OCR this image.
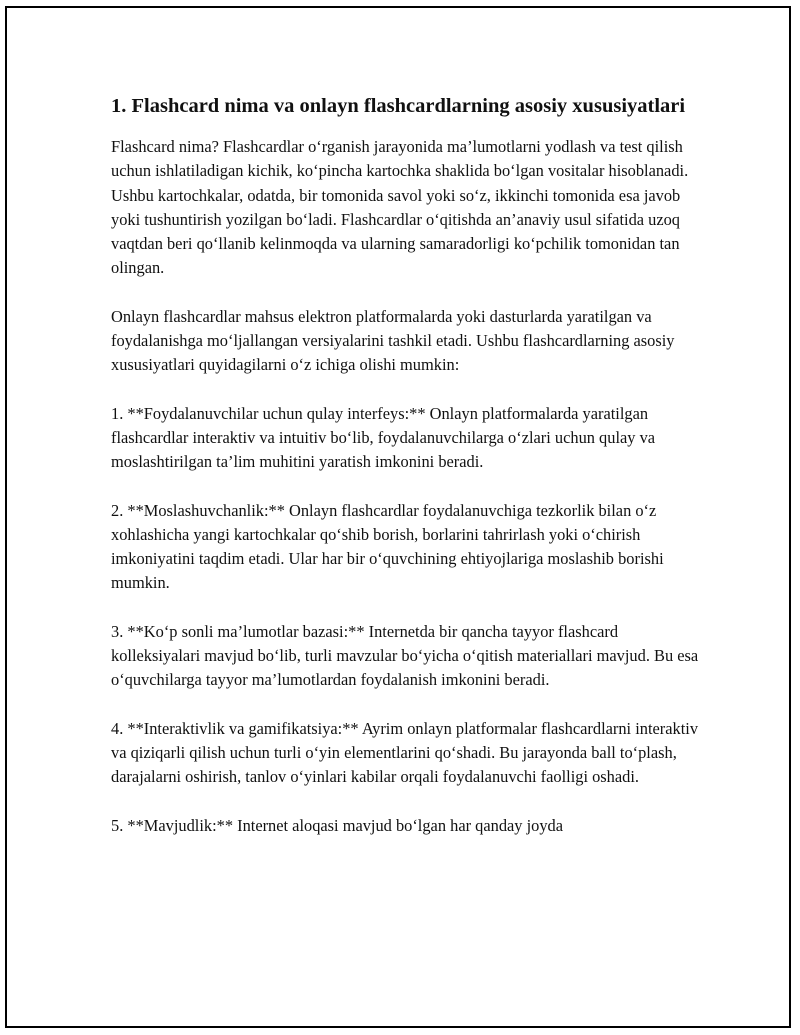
1. Flashcard nima va onlayn flashcardlarning asosiy xususiyatlari

Flashcard nima? Flashcardlar o‘rganish jarayonida ma’lumotlarni yodlash va test qilish uchun ishlatiladigan kichik, ko‘pincha kartochka shaklida bo‘lgan vositalar hisoblanadi. Ushbu kartochkalar, odatda, bir tomonida savol yoki so‘z, ikkinchi tomonida esa javob yoki tushuntirish yozilgan bo‘ladi. Flashcardlar o‘qitishda an’anaviy usul sifatida uzoq vaqtdan beri qo‘llanib kelinmoqda va ularning samaradorligi ko‘pchilik tomonidan tan olingan.

Onlayn flashcardlar mahsus elektron platformalarda yoki dasturlarda yaratilgan va foydalanishga mo‘ljallangan versiyalarini tashkil etadi. Ushbu flashcardlarning asosiy xususiyatlari quyidagilarni o‘z ichiga olishi mumkin:

1. **Foydalanuvchilar uchun qulay interfeys:** Onlayn platformalarda yaratilgan flashcardlar interaktiv va intuitiv bo‘lib, foydalanuvchilarga o‘zlari uchun qulay va moslashtirilgan ta’lim muhitini yaratish imkonini beradi.

2. **Moslashuvchanlik:** Onlayn flashcardlar foydalanuvchiga tezkorlik bilan o‘z xohlashicha yangi kartochkalar qo‘shib borish, borlarini tahrirlash yoki o‘chirish imkoniyatini taqdim etadi. Ular har bir o‘quvchining ehtiyojlariga moslashib borishi mumkin.

3. **Ko‘p sonli ma’lumotlar bazasi:** Internetda bir qancha tayyor flashcard kolleksiyalari mavjud bo‘lib, turli mavzular bo‘yicha o‘qitish materiallari mavjud. Bu esa o‘quvchilarga tayyor ma’lumotlardan foydalanish imkonini beradi.

4. **Interaktivlik va gamifikatsiya:** Ayrim onlayn platformalar flashcardlarni interaktiv va qiziqarli qilish uchun turli o‘yin elementlarini qo‘shadi. Bu jarayonda ball to‘plash, darajalarni oshirish, tanlov o‘yinlari kabilar orqali foydalanuvchi faolligi oshadi.

5. **Mavjudlik:** Internet aloqasi mavjud bo‘lgan har qanday joyda
